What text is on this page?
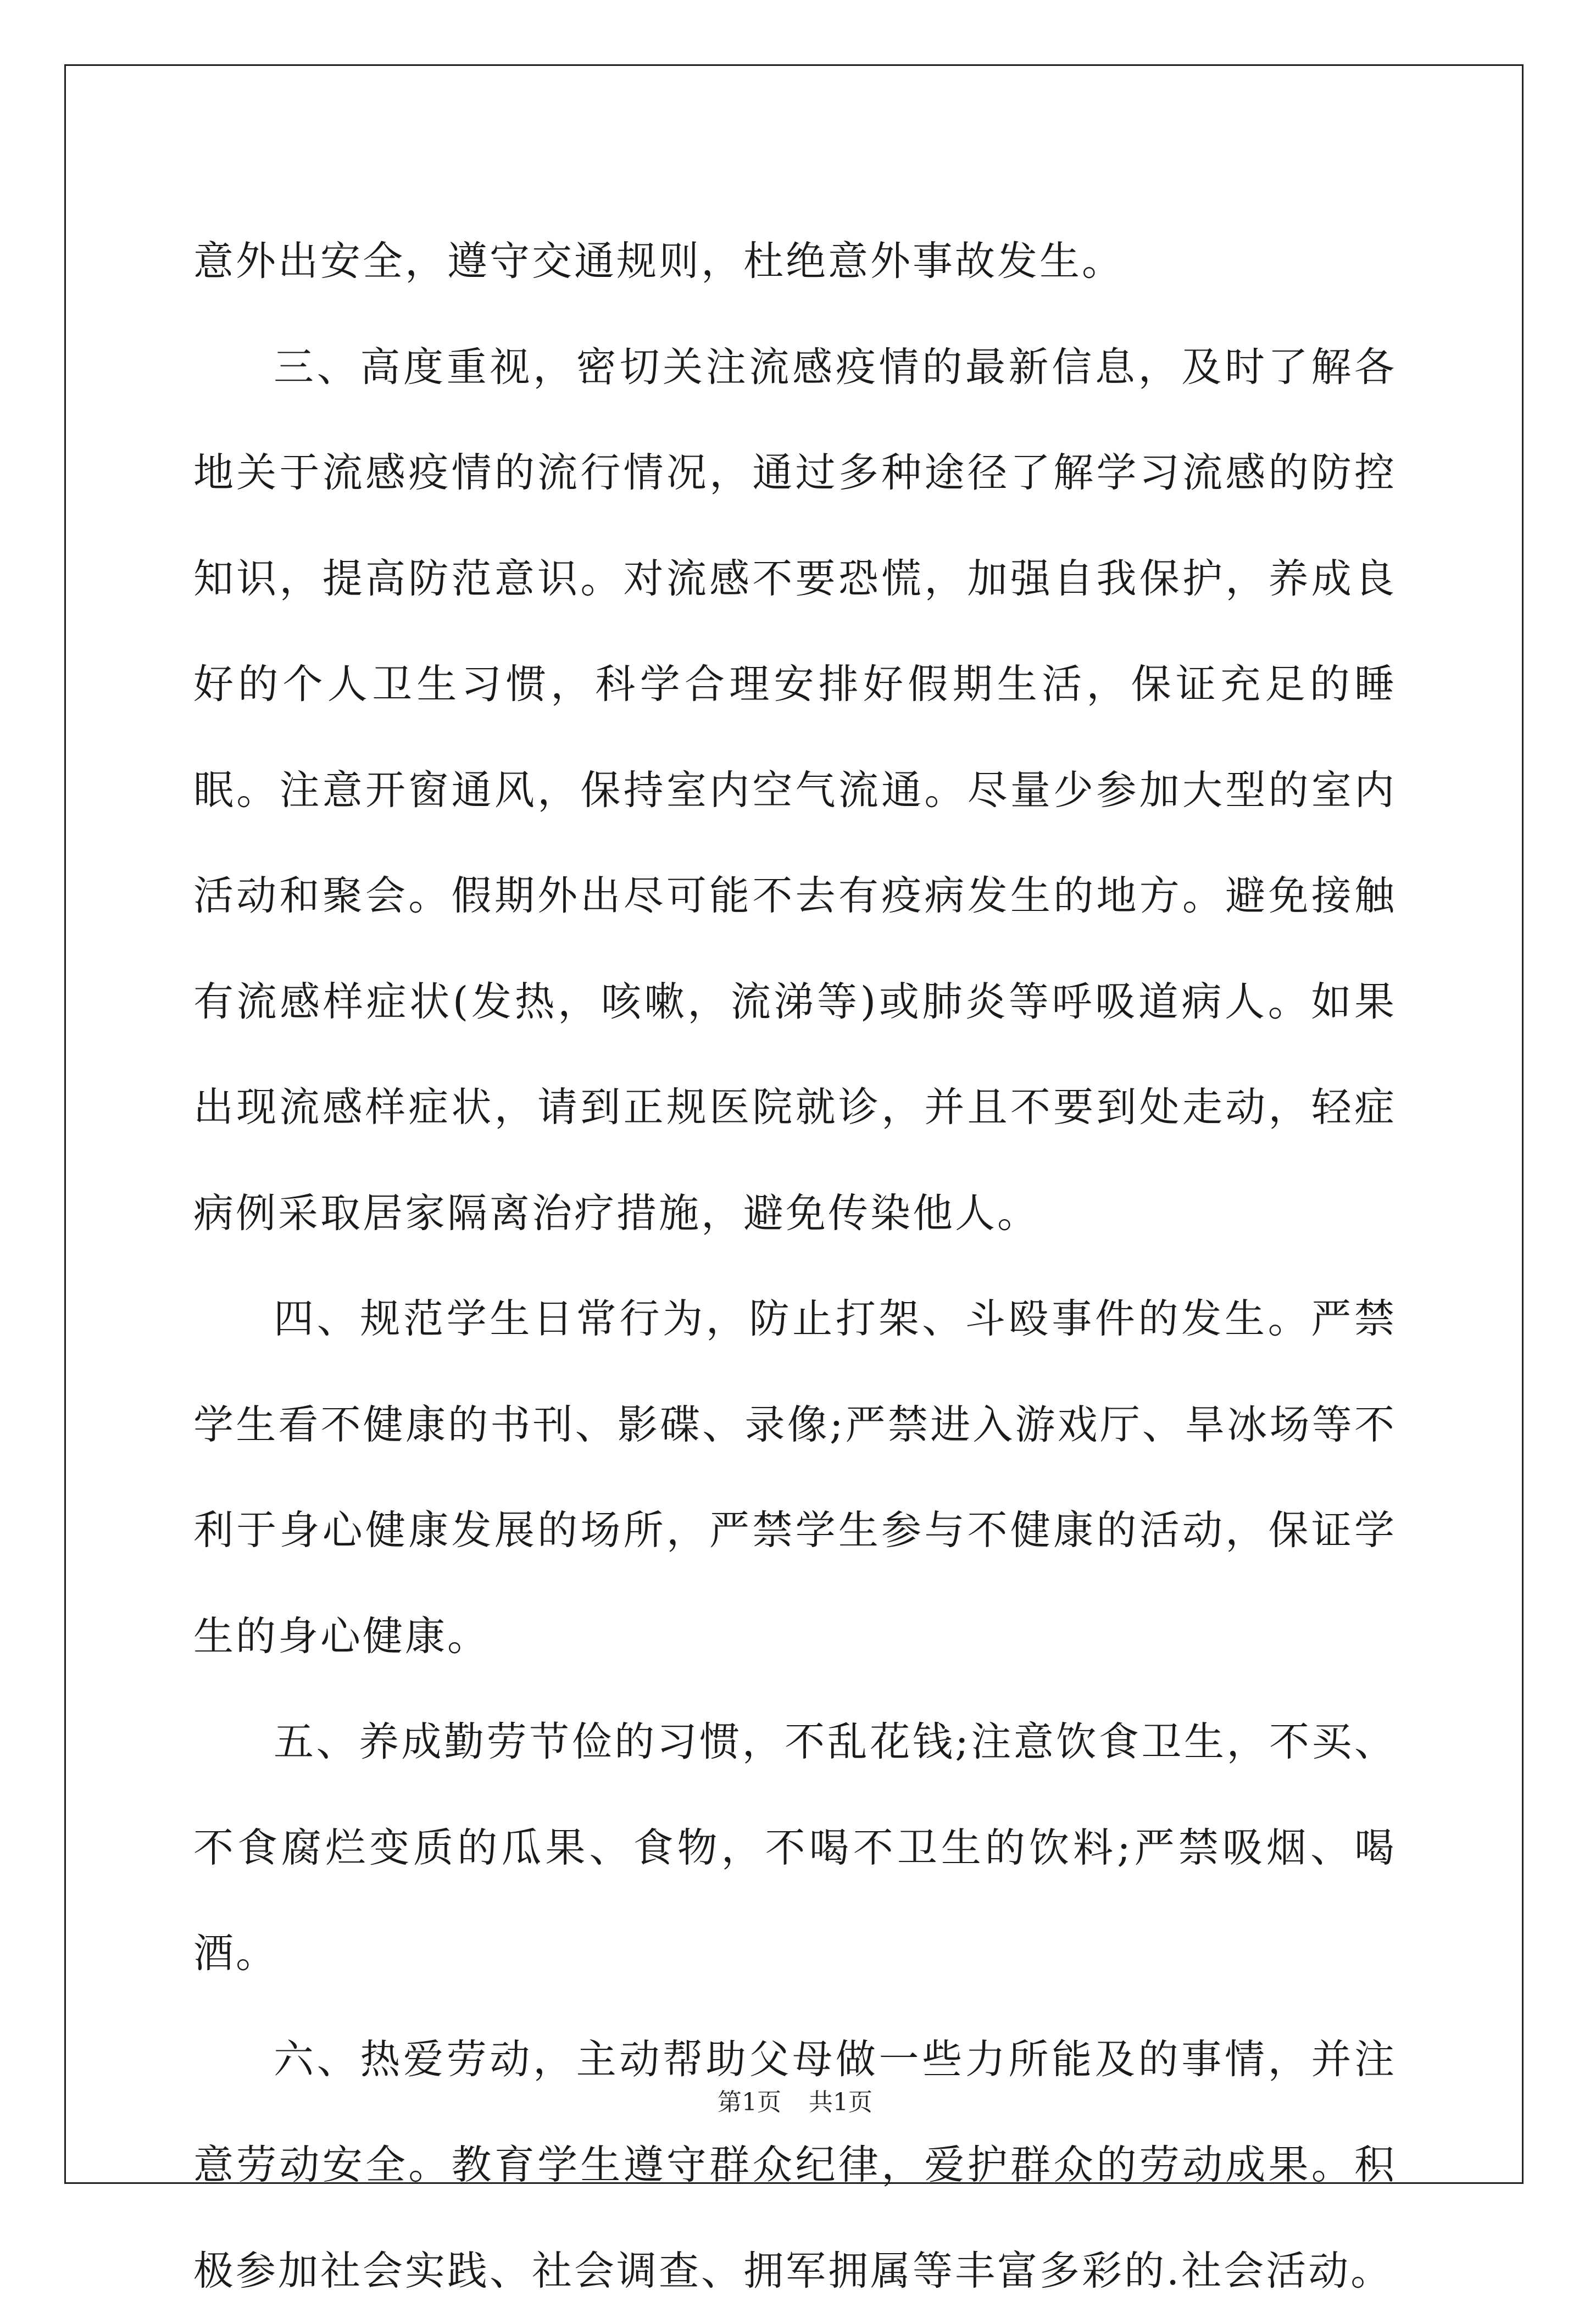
意外出安全，遵守交通规则，杜绝意外事故发生。

三、高度重视，密切关注流感疫情的最新信息，及时了解各地关于流感疫情的流行情况，通过多种途径了解学习流感的防控知识，提高防范意识。对流感不要恐慌，加强自我保护，养成良好的个人卫生习惯，科学合理安排好假期生活，保证充足的睡眠。注意开窗通风，保持室内空气流通。尽量少参加大型的室内活动和聚会。假期外出尽可能不去有疫病发生的地方。避免接触有流感样症状(发热，咳嗽，流涕等)或肺炎等呼吸道病人。如果出现流感样症状，请到正规医院就诊，并且不要到处走动，轻症病例采取居家隔离治疗措施，避免传染他人。

四、规范学生日常行为，防止打架、斗殴事件的发生。严禁学生看不健康的书刊、影碟、录像;严禁进入游戏厅、旱冰场等不利于身心健康发展的场所，严禁学生参与不健康的活动，保证学生的身心健康。

五、养成勤劳节俭的习惯，不乱花钱;注意饮食卫生，不买、不食腐烂变质的瓜果、食物，不喝不卫生的饮料;严禁吸烟、喝酒。

六、热爱劳动，主动帮助父母做一些力所能及的事情，并注意劳动安全。教育学生遵守群众纪律，爱护群众的劳动成果。积极参加社会实践、社会调查、拥军拥属等丰富多彩的.社会活动。

第1页 共1页
